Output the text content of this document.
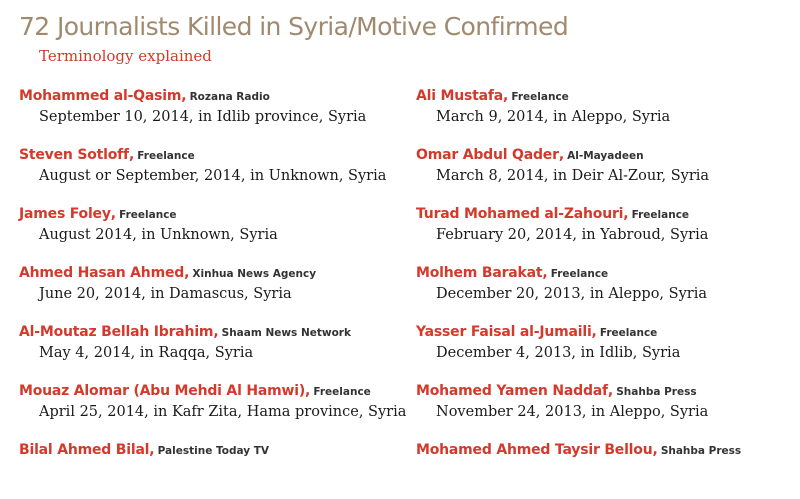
72 Journalists Killed in Syria/Motive Confirmed
Terminology explained
Mohammed al-Qasim, Rozana Radio
September 10, 2014, in Idlib province, Syria
Steven Sotloff, Freelance
August or September, 2014, in Unknown, Syria
James Foley, Freelance
August 2014, in Unknown, Syria
Ahmed Hasan Ahmed, Xinhua News Agency
June 20, 2014, in Damascus, Syria
Al-Moutaz Bellah Ibrahim, Shaam News Network
May 4, 2014, in Raqqa, Syria
Mouaz Alomar (Abu Mehdi Al Hamwi), Freelance
April 25, 2014, in Kafr Zita, Hama province, Syria
Bilal Ahmed Bilal, Palestine Today TV
Ali Mustafa, Freelance
March 9, 2014, in Aleppo, Syria
Omar Abdul Qader, Al-Mayadeen
March 8, 2014, in Deir Al-Zour, Syria
Turad Mohamed al-Zahouri, Freelance
February 20, 2014, in Yabroud, Syria
Molhem Barakat, Freelance
December 20, 2013, in Aleppo, Syria
Yasser Faisal al-Jumaili, Freelance
December 4, 2013, in Idlib, Syria
Mohamed Yamen Naddaf, Shahba Press
November 24, 2013, in Aleppo, Syria
Mohamed Ahmed Taysir Bellou, Shahba Press
